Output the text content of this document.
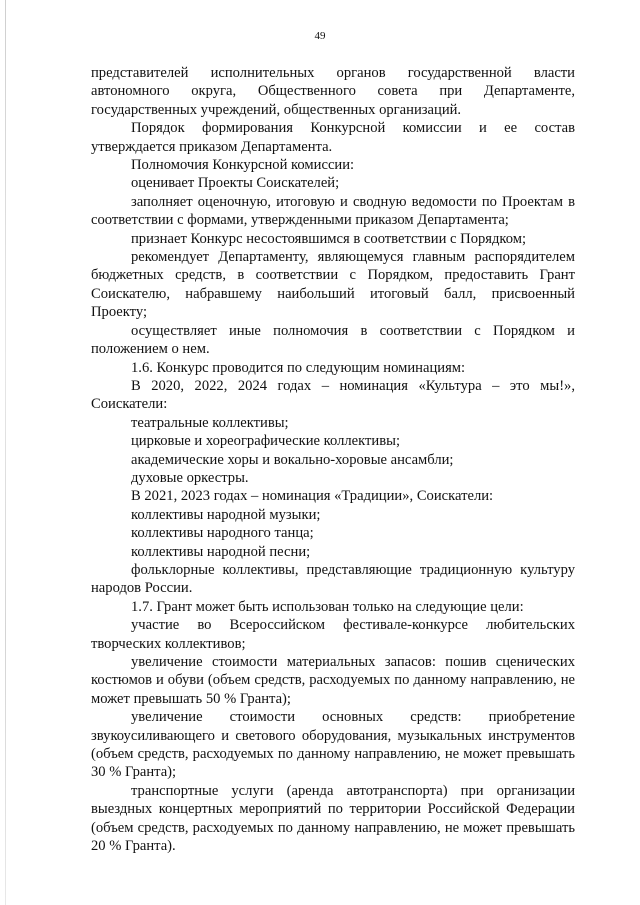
49

представителей исполнительных органов государственной власти автономного округа, Общественного совета при Департаменте, государственных учреждений, общественных организаций.

Порядок формирования Конкурсной комиссии и ее состав утверждается приказом Департамента.

Полномочия Конкурсной комиссии:

оценивает Проекты Соискателей;

заполняет оценочную, итоговую и сводную ведомости по Проектам в соответствии с формами, утвержденными приказом Департамента;

признает Конкурс несостоявшимся в соответствии с Порядком;

рекомендует Департаменту, являющемуся главным распорядителем бюджетных средств, в соответствии с Порядком, предоставить Грант Соискателю, набравшему наибольший итоговый балл, присвоенный Проекту;

осуществляет иные полномочия в соответствии с Порядком и положением о нем.

1.6. Конкурс проводится по следующим номинациям:

В 2020, 2022, 2024 годах – номинация «Культура – это мы!», Соискатели:

театральные коллективы;

цирковые и хореографические коллективы;

академические хоры и вокально-хоровые ансамбли;

духовые оркестры.

В 2021, 2023 годах – номинация «Традиции», Соискатели:

коллективы народной музыки;

коллективы народного танца;

коллективы народной песни;

фольклорные коллективы, представляющие традиционную культуру народов России.

1.7. Грант может быть использован только на следующие цели:

участие во Всероссийском фестивале-конкурсе любительских творческих коллективов;

увеличение стоимости материальных запасов: пошив сценических костюмов и обуви (объем средств, расходуемых по данному направлению, не может превышать 50 % Гранта);

увеличение стоимости основных средств: приобретение звукоусиливающего и светового оборудования, музыкальных инструментов (объем средств, расходуемых по данному направлению, не может превышать 30 % Гранта);

транспортные услуги (аренда автотранспорта) при организации выездных концертных мероприятий по территории Российской Федерации (объем средств, расходуемых по данному направлению, не может превышать 20 % Гранта).
